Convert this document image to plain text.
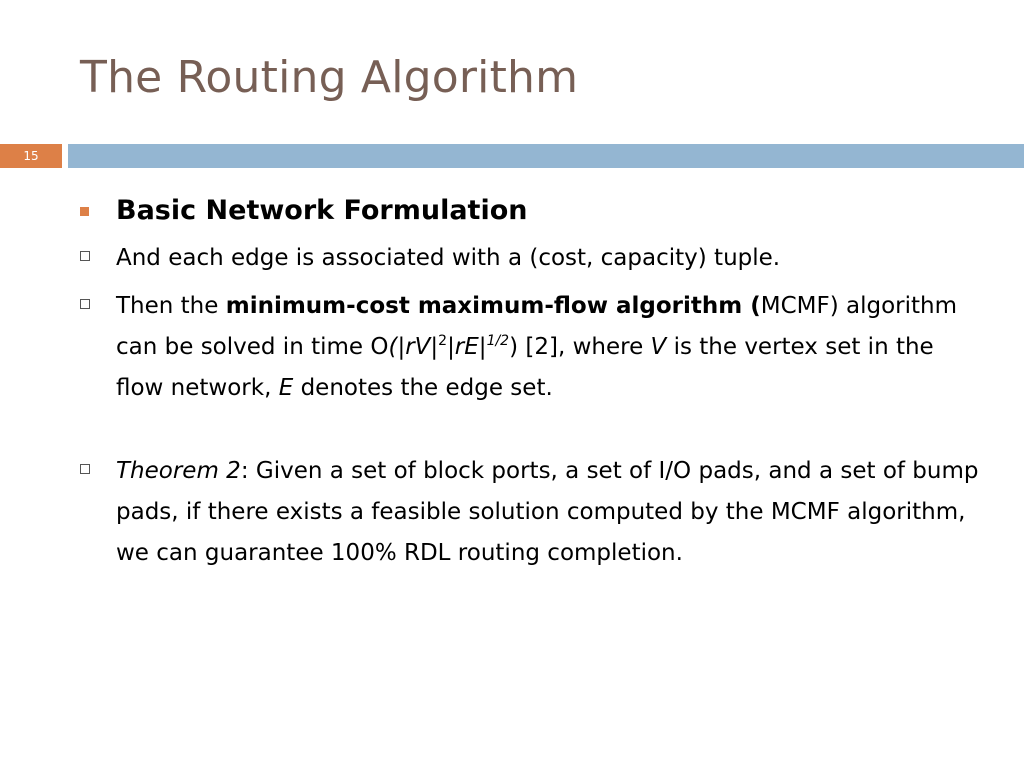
The Routing Algorithm
15
Basic Network Formulation
And each edge is associated with a (cost, capacity) tuple.
Then the minimum-cost maximum-flow algorithm (MCMF) algorithm can be solved in time $O(|rV|^2|rE|^{1/2})$ [2], where V is the vertex set in the flow network, E denotes the edge set.
Theorem 2: Given a set of block ports, a set of I/O pads, and a set of bump pads, if there exists a feasible solution computed by the MCMF algorithm, we can guarantee 100% RDL routing completion.
